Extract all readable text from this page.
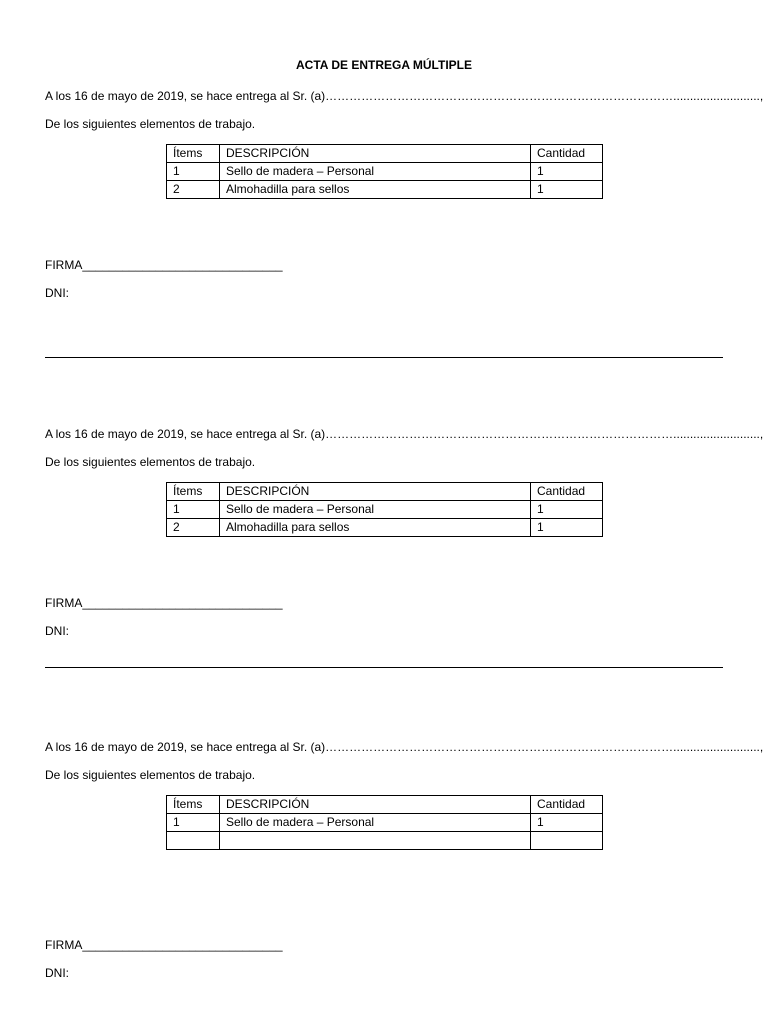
ACTA DE ENTREGA MÚLTIPLE
A los 16 de mayo de 2019, se hace entrega al Sr. (a)……………………………………………………………………………..........................,
De los siguientes elementos de trabajo.
Ítems	DESCRIPCIÓN	Cantidad
1	Sello de madera – Personal	1
2	Almohadilla para sellos	1
FIRMA______________________________
DNI:
A los 16 de mayo de 2019, se hace entrega al Sr. (a)……………………………………………………………………………..........................,
De los siguientes elementos de trabajo.
Ítems	DESCRIPCIÓN	Cantidad
1	Sello de madera – Personal	1
2	Almohadilla para sellos	1
FIRMA______________________________
DNI:
A los 16 de mayo de 2019, se hace entrega al Sr. (a)……………………………………………………………………………..........................,
De los siguientes elementos de trabajo.
Ítems	DESCRIPCIÓN	Cantidad
1	Sello de madera – Personal	1

FIRMA______________________________
DNI:
